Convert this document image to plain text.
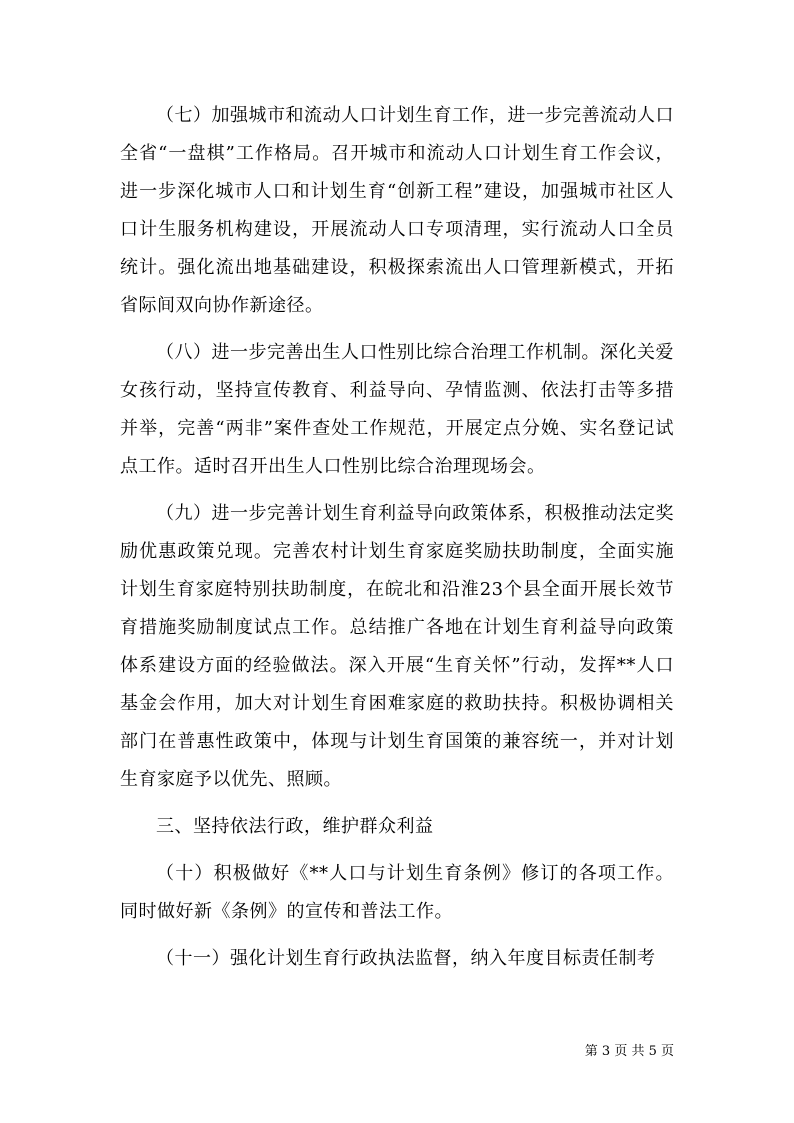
（七）加强城市和流动人口计划生育工作，进一步完善流动人口全省“一盘棋”工作格局。召开城市和流动人口计划生育工作会议，进一步深化城市人口和计划生育“创新工程”建设，加强城市社区人口计生服务机构建设，开展流动人口专项清理，实行流动人口全员统计。强化流出地基础建设，积极探索流出人口管理新模式，开拓省际间双向协作新途径。

（八）进一步完善出生人口性别比综合治理工作机制。深化关爱女孩行动，坚持宣传教育、利益导向、孕情监测、依法打击等多措并举，完善“两非”案件查处工作规范，开展定点分娩、实名登记试点工作。适时召开出生人口性别比综合治理现场会。

（九）进一步完善计划生育利益导向政策体系，积极推动法定奖励优惠政策兑现。完善农村计划生育家庭奖励扶助制度，全面实施计划生育家庭特别扶助制度，在皖北和沿淮23个县全面开展长效节育措施奖励制度试点工作。总结推广各地在计划生育利益导向政策体系建设方面的经验做法。深入开展“生育关怀”行动，发挥**人口基金会作用，加大对计划生育困难家庭的救助扶持。积极协调相关部门在普惠性政策中，体现与计划生育国策的兼容统一，并对计划生育家庭予以优先、照顾。

三、坚持依法行政，维护群众利益

（十）积极做好《**人口与计划生育条例》修订的各项工作。同时做好新《条例》的宣传和普法工作。

（十一）强化计划生育行政执法监督，纳入年度目标责任制考

第 3 页 共 5 页
